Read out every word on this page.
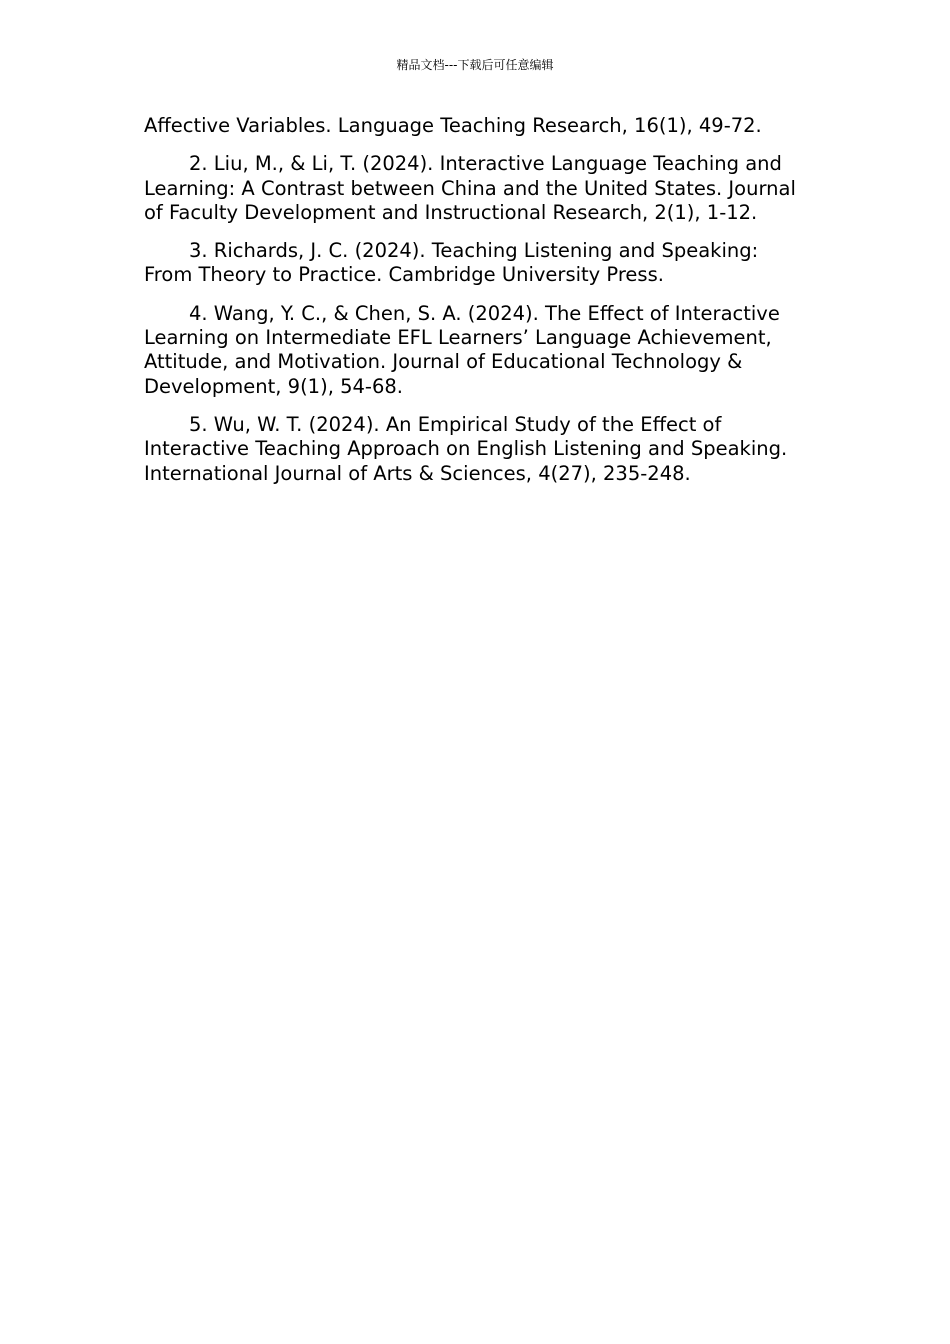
精品文档---下载后可任意编辑

Affective Variables. Language Teaching Research, 16(1), 49-72.

2. Liu, M., & Li, T. (2024). Interactive Language Teaching and Learning: A Contrast between China and the United States. Journal of Faculty Development and Instructional Research, 2(1), 1-12.

3. Richards, J. C. (2024). Teaching Listening and Speaking: From Theory to Practice. Cambridge University Press.

4. Wang, Y. C., & Chen, S. A. (2024). The Effect of Interactive Learning on Intermediate EFL Learners’ Language Achievement, Attitude, and Motivation. Journal of Educational Technology & Development, 9(1), 54-68.

5. Wu, W. T. (2024). An Empirical Study of the Effect of Interactive Teaching Approach on English Listening and Speaking. International Journal of Arts & Sciences, 4(27), 235-248.
